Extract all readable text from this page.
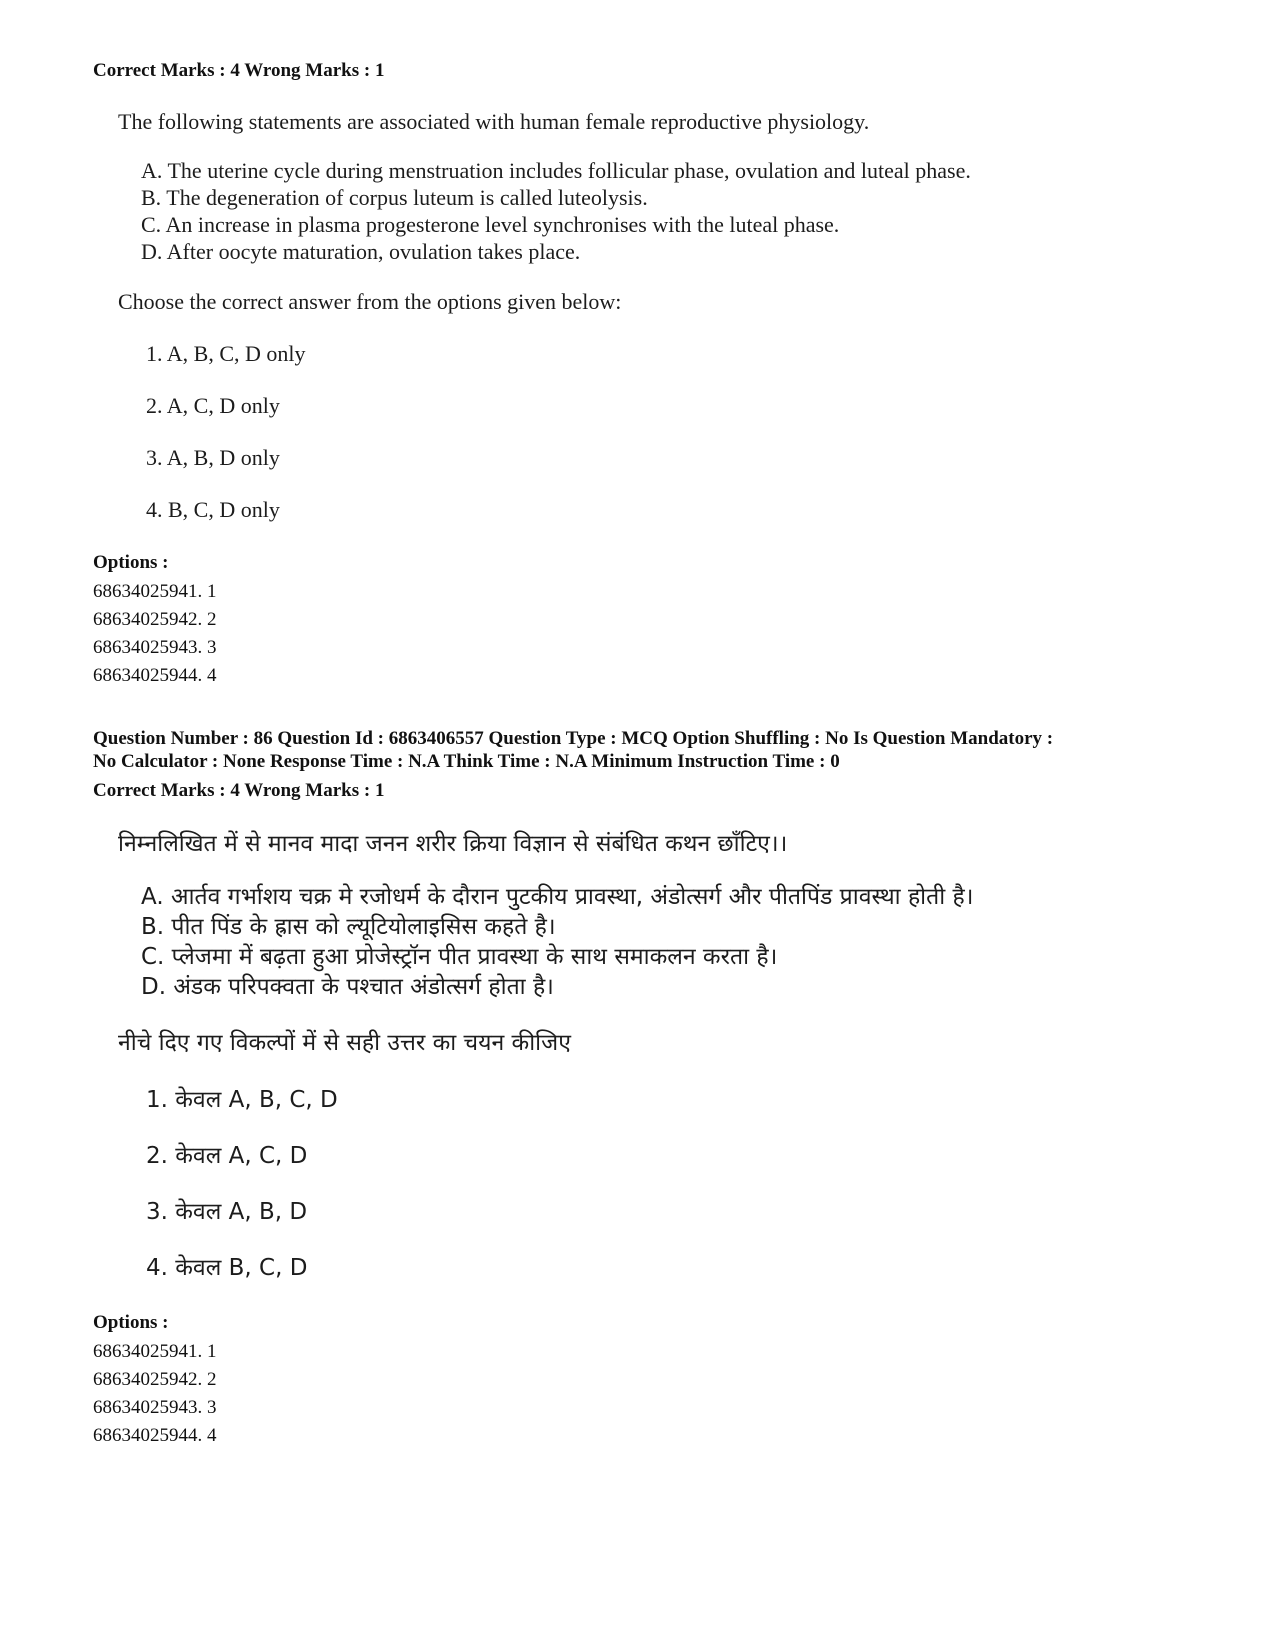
Correct Marks : 4 Wrong Marks : 1
The following statements are associated with human female reproductive physiology.
A. The uterine cycle during menstruation includes follicular phase, ovulation and luteal phase.
B. The degeneration of corpus luteum is called luteolysis.
C. An increase in plasma progesterone level synchronises with the luteal phase.
D. After oocyte maturation, ovulation takes place.
Choose the correct answer from the options given below:
1. A, B, C, D only
2. A, C, D only
3. A, B, D only
4. B, C, D only
Options :
68634025941. 1
68634025942. 2
68634025943. 3
68634025944. 4
Question Number : 86 Question Id : 6863406557 Question Type : MCQ Option Shuffling : No Is Question Mandatory :
No Calculator : None Response Time : N.A Think Time : N.A Minimum Instruction Time : 0
Correct Marks : 4 Wrong Marks : 1
निम्नलिखित में से मानव मादा जनन शरीर क्रिया विज्ञान से संबंधित कथन छाँटिए।।
A. आर्तव गर्भाशय चक्र मे रजोधर्म के दौरान पुटकीय प्रावस्था, अंडोत्सर्ग और पीतपिंड प्रावस्था होती है।
B. पीत पिंड के ह्रास को ल्यूटियोलाइसिस कहते है।
C. प्लेजमा में बढ़ता हुआ प्रोजेस्ट्रॉन पीत प्रावस्था के साथ समाकलन करता है।
D. अंडक परिपक्वता के पश्चात अंडोत्सर्ग होता है।
नीचे दिए गए विकल्पों में से सही उत्तर का चयन कीजिए
1. केवल A, B, C, D
2. केवल A, C, D
3. केवल A, B, D
4. केवल B, C, D
Options :
68634025941. 1
68634025942. 2
68634025943. 3
68634025944. 4
